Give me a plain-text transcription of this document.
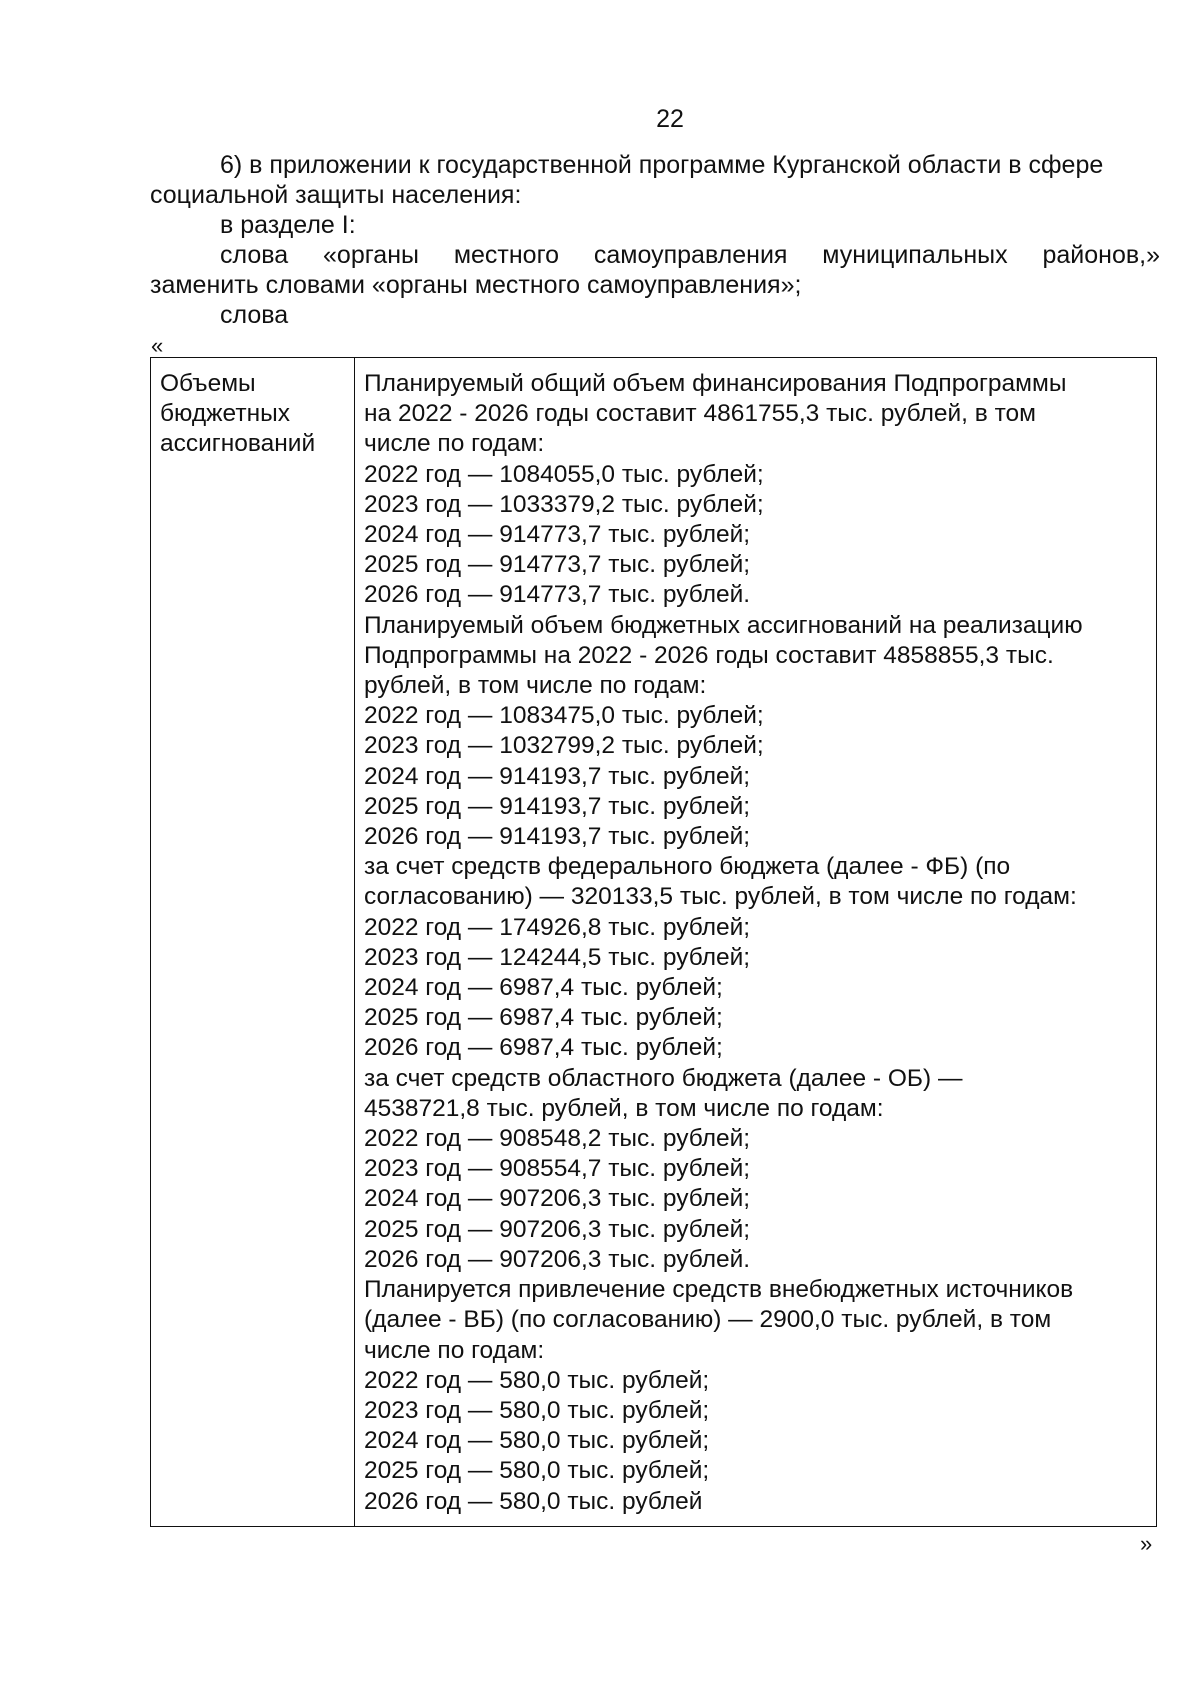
22

6) в приложении к государственной программе Курганской области в сфере социальной защиты населения:

в разделе I:

слова «органы местного самоуправления муниципальных районов,»

заменить словами «органы местного самоуправления»;

слова

«
Объемы
бюджетных
ассигнований
Планируемый общий объем финансирования Подпрограммы
на 2022 - 2026 годы составит 4861755,3 тыс. рублей, в том
числе по годам:
2022 год — 1084055,0 тыс. рублей;
2023 год — 1033379,2 тыс. рублей;
2024 год — 914773,7 тыс. рублей;
2025 год — 914773,7 тыс. рублей;
2026 год — 914773,7 тыс. рублей.
Планируемый объем бюджетных ассигнований на реализацию
Подпрограммы на 2022 - 2026 годы составит 4858855,3 тыс.
рублей, в том числе по годам:
2022 год — 1083475,0 тыс. рублей;
2023 год — 1032799,2 тыс. рублей;
2024 год — 914193,7 тыс. рублей;
2025 год — 914193,7 тыс. рублей;
2026 год — 914193,7 тыс. рублей;
за счет средств федерального бюджета (далее - ФБ) (по
согласованию) — 320133,5 тыс. рублей, в том числе по годам:
2022 год — 174926,8 тыс. рублей;
2023 год — 124244,5 тыс. рублей;
2024 год — 6987,4 тыс. рублей;
2025 год — 6987,4 тыс. рублей;
2026 год — 6987,4 тыс. рублей;
за счет средств областного бюджета (далее - ОБ) —
4538721,8 тыс. рублей, в том числе по годам:
2022 год — 908548,2 тыс. рублей;
2023 год — 908554,7 тыс. рублей;
2024 год — 907206,3 тыс. рублей;
2025 год — 907206,3 тыс. рублей;
2026 год — 907206,3 тыс. рублей.
Планируется привлечение средств внебюджетных источников
(далее - ВБ) (по согласованию) — 2900,0 тыс. рублей, в том
числе по годам:
2022 год — 580,0 тыс. рублей;
2023 год — 580,0 тыс. рублей;
2024 год — 580,0 тыс. рублей;
2025 год — 580,0 тыс. рублей;
2026 год — 580,0 тыс. рублей
»
